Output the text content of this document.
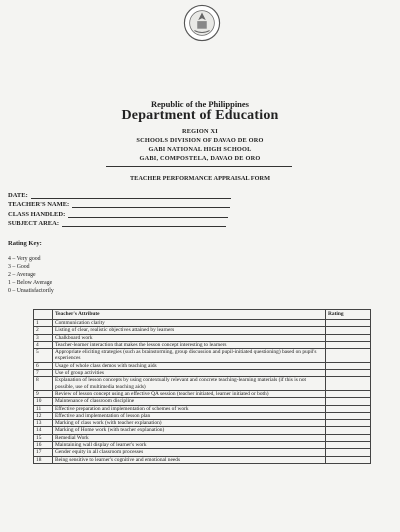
Republic of the Philippines
Department of Education
REGION XI
SCHOOLS DIVISION OF DAVAO DE ORO
GABI NATIONAL HIGH SCHOOL
GABI, COMPOSTELA, DAVAO DE ORO
TEACHER PERFORMANCE APPRAISAL FORM
DATE:
TEACHER'S NAME:
CLASS HANDLED:
SUBJECT AREA:
Rating Key:
4 – Very good
3 – Good
2 – Average
1 – Below Average
0 – Unsatisfactorily
	Teacher's Attribute	Rating
1	Communication clarity	
2	Listing of clear, realistic objectives attained by learners	
3	Chalkboard work	
4	Teacher-learner interaction that makes the lesson concept interesting to learners	
5	Appropriate eliciting strategies (such as brainstorming, group discussion and pupil-initiated questioning) based on pupil's experiences	
6	Usage of whole class demos with teaching aids	
7	Use of group activities	
8	Explanation of lesson concepts by using contextually relevant and concrete teaching-learning materials (if this is not possible, use of multimedia teaching aids)	
9	Review of lesson concept using an effective QA session (teacher initiated, learner initiated or both)	
10	Maintenance of classroom discipline	
11	Effective preparation and implementation of schemes of work	
12	Effective and implementation of lesson plan	
13	Marking of class work (with teacher explanation)	
14	Marking of Home work (with teacher explanation)	
15	Remedial Work	
16	Maintaining wall display of learner's work	
17	Gender equity in all classroom processes	
18	Being sensitive to learner's cognitive and emotional needs	
